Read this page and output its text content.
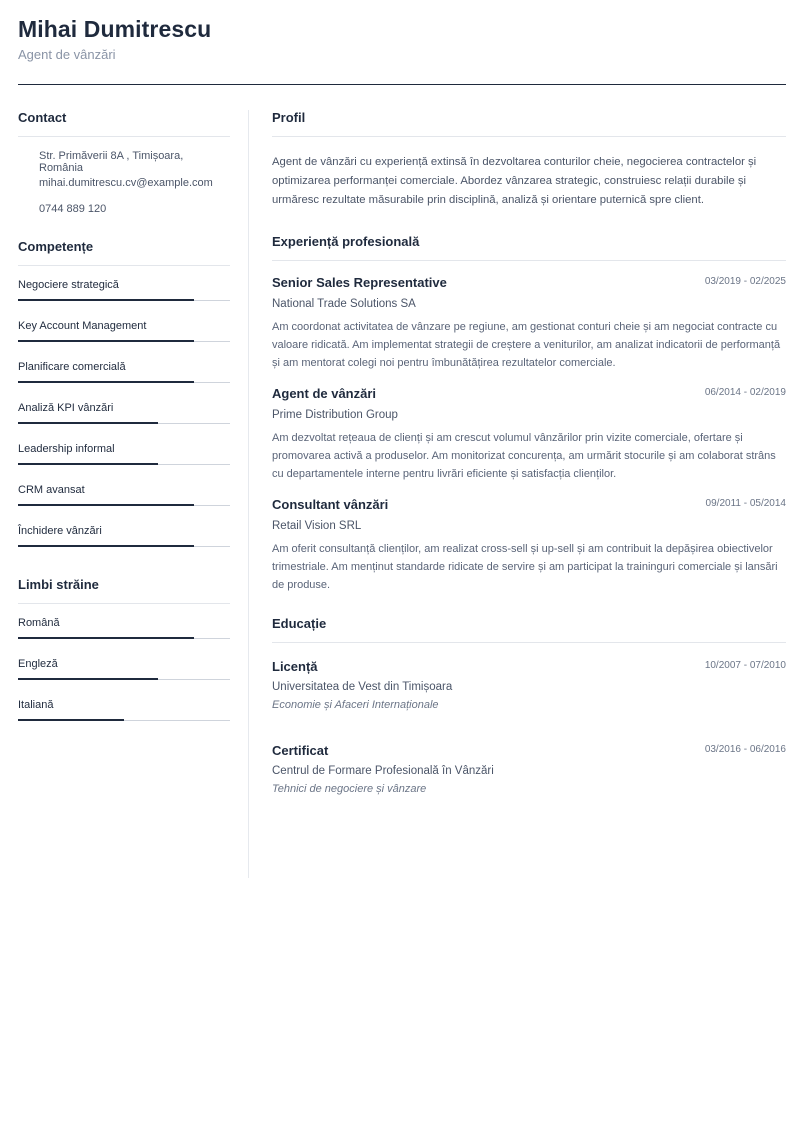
Mihai Dumitrescu
Agent de vânzări
Contact
Str. Primăverii 8A , Timișoara, România
mihai.dumitrescu.cv@example.com
0744 889 120
Competențe
Negociere strategică
Key Account Management
Planificare comercială
Analiză KPI vânzări
Leadership informal
CRM avansat
Închidere vânzări
Limbi străine
Română
Engleză
Italiană
Profil
Agent de vânzări cu experiență extinsă în dezvoltarea conturilor cheie, negocierea contractelor și optimizarea performanței comerciale. Abordez vânzarea strategic, construiesc relații durabile și urmăresc rezultate măsurabile prin disciplină, analiză și orientare puternică spre client.
Experiență profesională
Senior Sales Representative	03/2019 - 02/2025
National Trade Solutions SA
Am coordonat activitatea de vânzare pe regiune, am gestionat conturi cheie și am negociat contracte cu valoare ridicată. Am implementat strategii de creștere a veniturilor, am analizat indicatorii de performanță și am mentorat colegi noi pentru îmbunătățirea rezultatelor comerciale.
Agent de vânzări	06/2014 - 02/2019
Prime Distribution Group
Am dezvoltat rețeaua de clienți și am crescut volumul vânzărilor prin vizite comerciale, ofertare și promovarea activă a produselor. Am monitorizat concurența, am urmărit stocurile și am colaborat strâns cu departamentele interne pentru livrări eficiente și satisfacția clienților.
Consultant vânzări	09/2011 - 05/2014
Retail Vision SRL
Am oferit consultanță clienților, am realizat cross-sell și up-sell și am contribuit la depășirea obiectivelor trimestriale. Am menținut standarde ridicate de servire și am participat la traininguri comerciale și lansări de produse.
Educație
Licență	10/2007 - 07/2010
Universitatea de Vest din Timișoara
Economie și Afaceri Internaționale
Certificat	03/2016 - 06/2016
Centrul de Formare Profesională în Vânzări
Tehnici de negociere și vânzare
